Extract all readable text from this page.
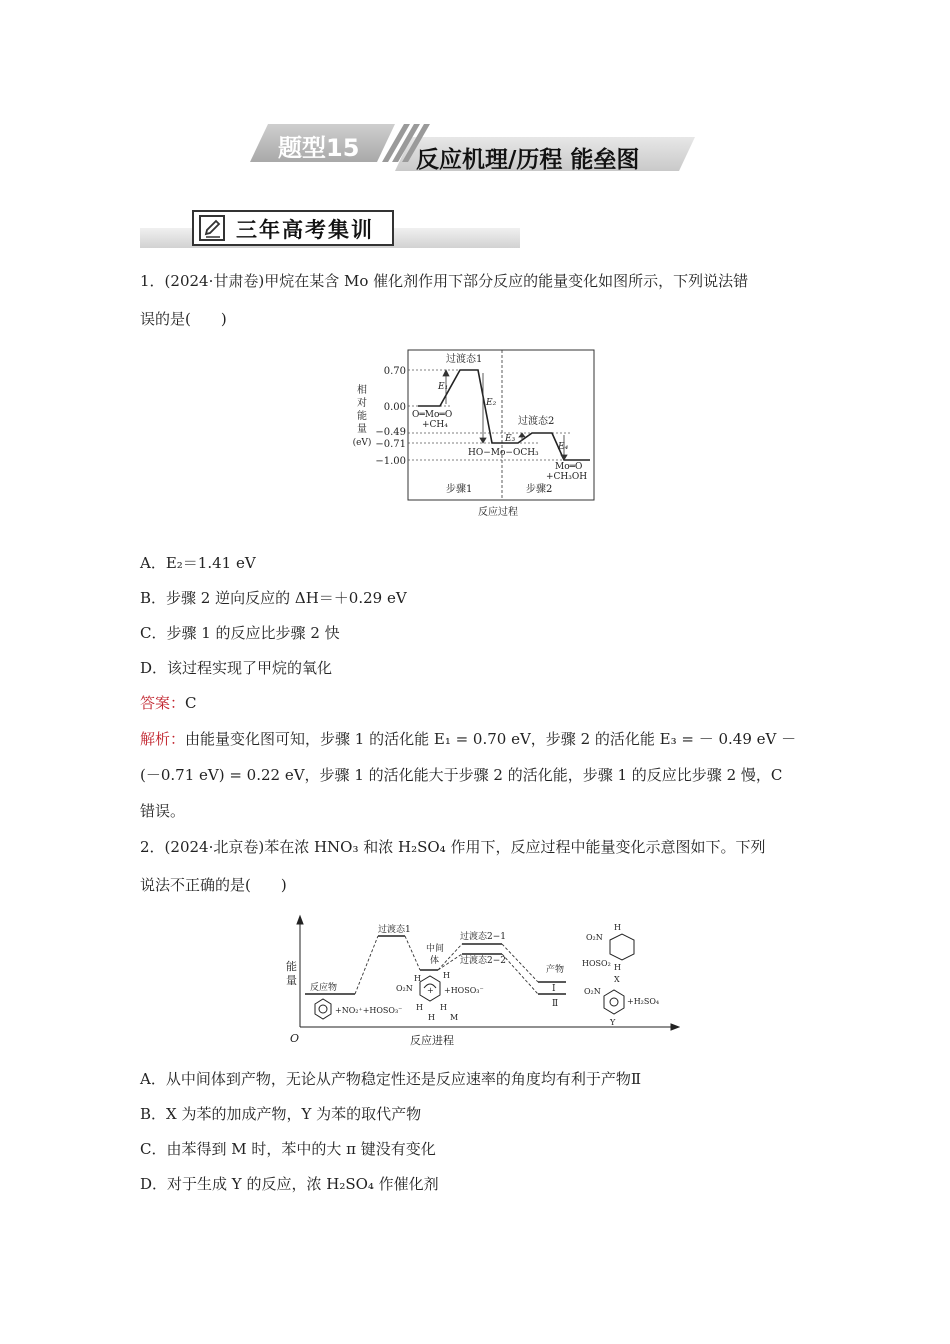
题型15 反应机理/历程 能垒图
三年高考集训
1．(2024·甘肃卷)甲烷在某含 Mo 催化剂作用下部分反应的能量变化如图所示，下列说法错
误的是(　　)
0.70
0.00
−0.49
−0.71
−1.00
相
对
能
量
(eV)
过渡态1
过渡态2
O═Mo═O
+CH₄
HO−Mo−OCH₃
Mo═O
+CH₃OH
E₁
E₂
E₃
E₄
步骤1	步骤2
反应过程
A．E₂＝1.41 eV
B．步骤 2 逆向反应的 ΔH＝＋0.29 eV
C．步骤 1 的反应比步骤 2 快
D．该过程实现了甲烷的氧化
答案：C
解析：由能量变化图可知，步骤 1 的活化能 E₁ = 0.70 eV，步骤 2 的活化能 E₃ = － 0.49 eV －
(－0.71 eV) = 0.22 eV，步骤 1 的活化能大于步骤 2 的活化能，步骤 1 的反应比步骤 2 慢，C
错误。
2．(2024·北京卷)苯在浓 HNO₃ 和浓 H₂SO₄ 作用下，反应过程中能量变化示意图如下。下列
说法不正确的是(　　)
能
量
O	反应进程
反应物
过渡态1
中间
体
过渡态2−1
过渡态2−2
产物
Ⅰ
Ⅱ
+NO₂⁺+HOSO₃⁻
O₂N
H
+
H
H H
H
+HOSO₃⁻
M
O₂N
H
HOSO₂ H
X
O₂N
+H₂SO₄
Y
A．从中间体到产物，无论从产物稳定性还是反应速率的角度均有利于产物Ⅱ
B．X 为苯的加成产物，Y 为苯的取代产物
C．由苯得到 M 时，苯中的大 π 键没有变化
D．对于生成 Y 的反应，浓 H₂SO₄ 作催化剂
